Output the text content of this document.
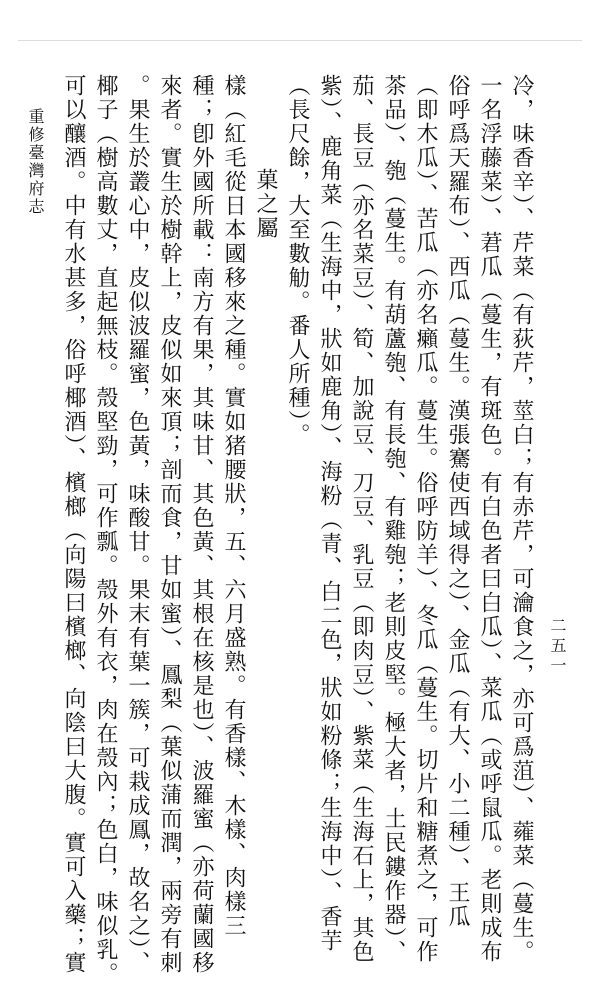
重修臺灣府志
二五一
冷，味香辛）、芹菜（有荻芹，莖白；有赤芹，可瀹食之，亦可爲菹）、蕹菜（蔓生。
一名浮藤菜）、莙瓜（蔓生，有斑色。有白色者曰白瓜）、菜瓜（或呼鼠瓜。老則成布
俗呼爲天羅布）、西瓜（蔓生。漢張騫使西域得之）、金瓜（有大、小二種）、王瓜
（即木瓜）、苦瓜（亦名癩瓜。蔓生。俗呼防羊）、冬瓜（蔓生。切片和糖煮之，可作
茶品）、匏（蔓生。有葫蘆匏、有長匏、有雞匏；老則皮堅。極大者，土民鏤作器）、
茄、長豆（亦名菜豆）、筍、加說豆、刀豆、乳豆（即肉豆）、紫菜（生海石上，其色
紫）、鹿角菜（生海中，狀如鹿角）、海粉（青、白二色，狀如粉條；生海中）、香芋
（長尺餘，大至數觔。番人所種）。
菓之屬
樣（紅毛從日本國移來之種。實如猪腰狀，五、六月盛熟。有香樣、木樣、肉樣三
種；卽外國所載：南方有果，其味甘、其色黃、其根在核是也）、波羅蜜（亦荷蘭國移
來者。實生於樹幹上，皮似如來頂；剖而食，甘如蜜）、鳳梨（葉似蒲而潤，兩旁有刺
。果生於叢心中，皮似波羅蜜，色黃，味酸甘。果末有葉一簇，可栽成鳳，故名之）、
椰子（樹高數丈，直起無枝。殼堅勁，可作瓢。殼外有衣，肉在殼內；色白，味似乳。
可以釀酒。中有水甚多，俗呼椰酒）、檳榔（向陽曰檳榔、向陰曰大腹。實可入藥；實
